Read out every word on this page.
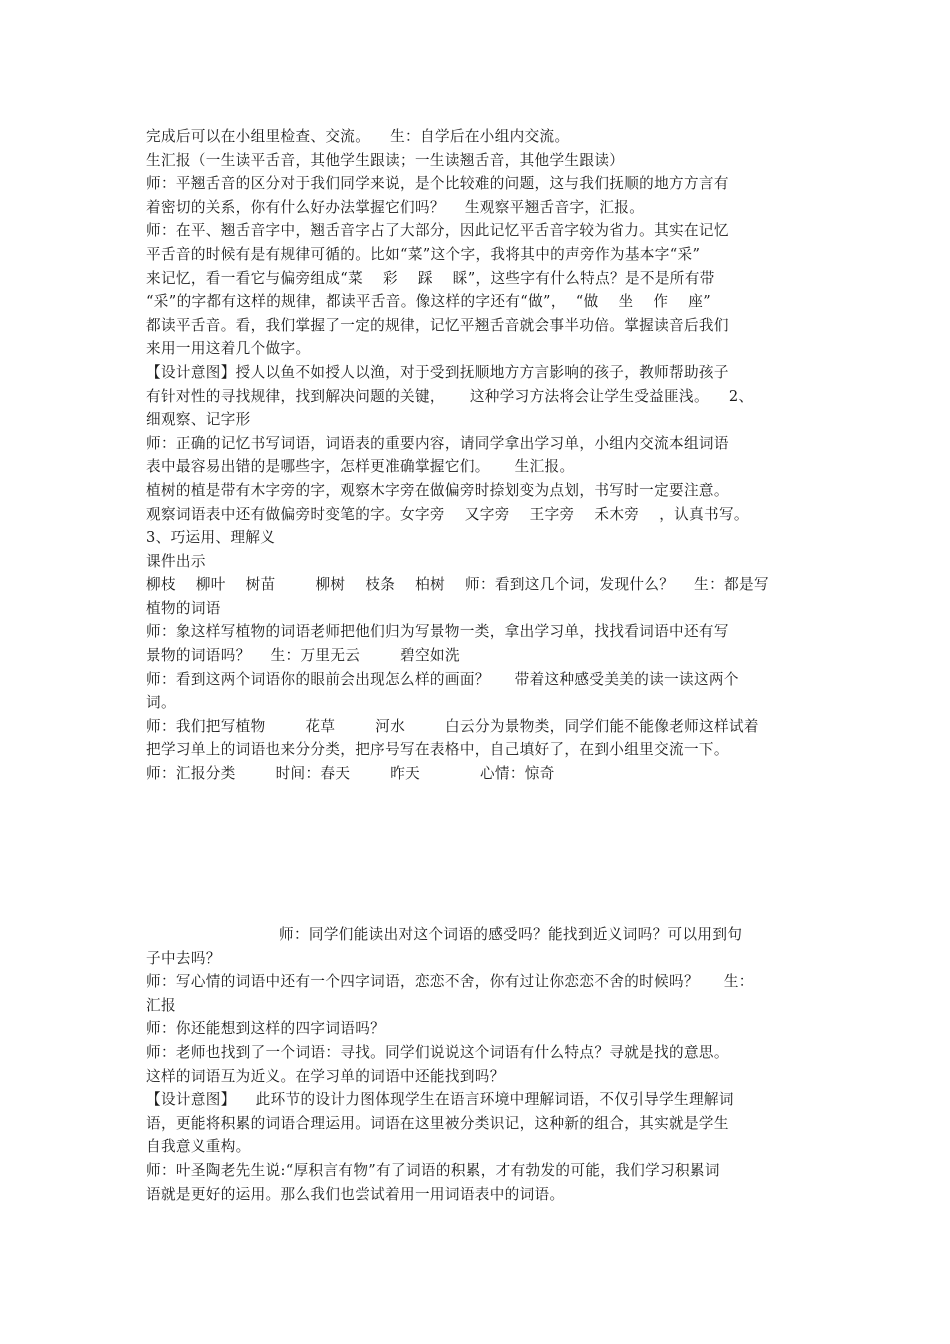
完成后可以在小组里检查、交流。    生：自学后在小组内交流。
生汇报（一生读平舌音，其他学生跟读；一生读翘舌音，其他学生跟读）
师：平翘舌音的区分对于我们同学来说，是个比较难的问题，这与我们抚顺的地方方言有
着密切的关系，你有什么好办法掌握它们吗？    生观察平翘舌音字，汇报。
师：在平、翘舌音字中，翘舌音字占了大部分，因此记忆平舌音字较为省力。其实在记忆
平舌音的时候有是有规律可循的。比如“菜”这个字，我将其中的声旁作为基本字“采”
来记忆，看一看它与偏旁组成“菜    彩    踩    睬”，这些字有什么特点？是不是所有带
“采”的字都有这样的规律，都读平舌音。像这样的字还有“做”，  “做    坐    作    座”
都读平舌音。看，我们掌握了一定的规律，记忆平翘舌音就会事半功倍。掌握读音后我们
来用一用这着几个做字。
【设计意图】授人以鱼不如授人以渔，对于受到抚顺地方方言影响的孩子，教师帮助孩子
有针对性的寻找规律，找到解决问题的关键，     这种学习方法将会让学生受益匪浅。    2、
细观察、记字形
师：正确的记忆书写词语，词语表的重要内容，请同学拿出学习单，小组内交流本组词语
表中最容易出错的是哪些字，怎样更准确掌握它们。     生汇报。
植树的植是带有木字旁的字，观察木字旁在做偏旁时捺划变为点划，书写时一定要注意。
观察词语表中还有做偏旁时变笔的字。女字旁    又字旁    王字旁    禾木旁    ，认真书写。
3、巧运用、理解义
课件出示
柳枝    柳叶    树苗        柳树    枝条    柏树    师：看到这几个词，发现什么？    生：都是写
植物的词语
师：象这样写植物的词语老师把他们归为写景物一类，拿出学习单，找找看词语中还有写
景物的词语吗？    生：万里无云        碧空如洗
师：看到这两个词语你的眼前会出现怎么样的画面？     带着这种感受美美的读一读这两个
词。
师：我们把写植物        花草        河水        白云分为景物类，同学们能不能像老师这样试着
把学习单上的词语也来分分类，把序号写在表格中，自己填好了，在到小组里交流一下。
师：汇报分类        时间：春天        昨天            心情：惊奇
师：同学们能读出对这个词语的感受吗？能找到近义词吗？可以用到句
子中去吗？
师：写心情的词语中还有一个四字词语，恋恋不舍，你有过让你恋恋不舍的时候吗？     生：
汇报
师：你还能想到这样的四字词语吗？
师：老师也找到了一个词语：寻找。同学们说说这个词语有什么特点？寻就是找的意思。
这样的词语互为近义。在学习单的词语中还能找到吗？
【设计意图】    此环节的设计力图体现学生在语言环境中理解词语，不仅引导学生理解词
语，更能将积累的词语合理运用。词语在这里被分类识记，这种新的组合，其实就是学生
自我意义重构。
师：叶圣陶老先生说:“厚积言有物”有了词语的积累，才有勃发的可能，我们学习积累词
语就是更好的运用。那么我们也尝试着用一用词语表中的词语。
